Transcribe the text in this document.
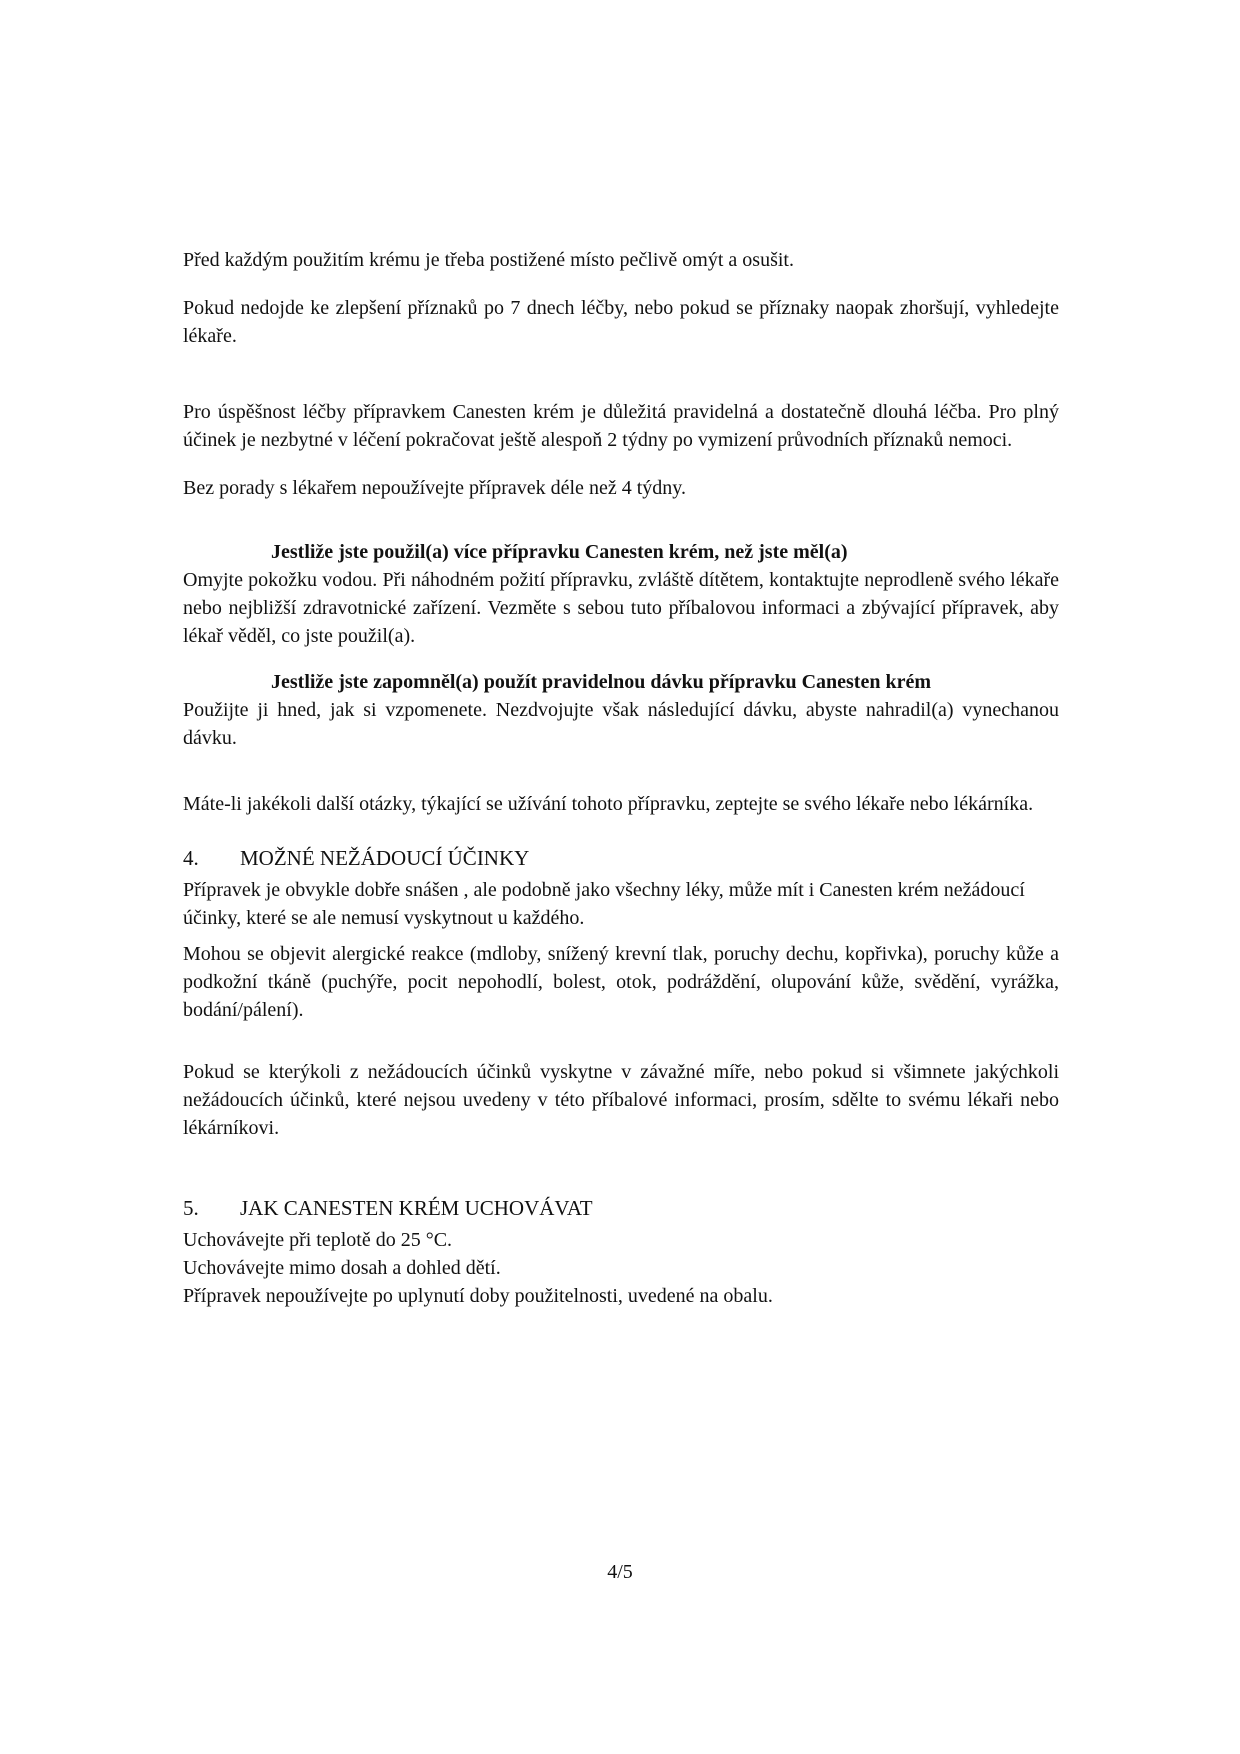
Před každým použitím krému je třeba postižené místo pečlivě omýt a osušit.

Pokud nedojde ke zlepšení příznaků po 7 dnech léčby, nebo pokud se příznaky naopak zhoršují, vyhledejte lékaře.

Pro úspěšnost léčby přípravkem Canesten krém je důležitá pravidelná a dostatečně dlouhá léčba. Pro plný účinek je nezbytné v léčení pokračovat ještě alespoň 2 týdny po vymizení průvodních příznaků nemoci.

Bez porady s lékařem nepoužívejte přípravek déle než 4 týdny.

Jestliže jste použil(a) více přípravku Canesten krém, než jste měl(a)

Omyjte pokožku vodou. Při náhodném požití přípravku, zvláště dítětem, kontaktujte neprodleně svého lékaře nebo nejbližší zdravotnické zařízení. Vezměte s sebou tuto příbalovou informaci a zbývající přípravek, aby lékař věděl, co jste použil(a).

Jestliže jste zapomněl(a) použít pravidelnou dávku přípravku Canesten krém

Použijte ji hned, jak si vzpomenete. Nezdvojujte však následující dávku, abyste nahradil(a) vynechanou dávku.

Máte-li jakékoli další otázky, týkající se užívání tohoto přípravku, zeptejte se svého lékaře nebo lékárníka.

4.	MOŽNÉ NEŽÁDOUCÍ ÚČINKY

Přípravek je obvykle dobře snášen , ale podobně jako všechny léky, může mít i Canesten krém nežádoucí účinky, které se ale nemusí vyskytnout u každého.

Mohou se objevit alergické reakce (mdloby, snížený krevní tlak, poruchy dechu, kopřivka), poruchy kůže a podkožní tkáně (puchýře, pocit nepohodlí, bolest, otok, podráždění, olupování kůže, svědění, vyrážka, bodání/pálení).

Pokud se kterýkoli z nežádoucích účinků vyskytne v závažné míře, nebo pokud si všimnete jakýchkoli nežádoucích účinků, které nejsou uvedeny v této příbalové informaci, prosím, sdělte to svému lékaři nebo lékárníkovi.

5.	JAK CANESTEN KRÉM UCHOVÁVAT

Uchovávejte při teplotě do 25 °C.

Uchovávejte mimo dosah a dohled dětí.

Přípravek nepoužívejte po uplynutí doby použitelnosti, uvedené na obalu.

4/5
